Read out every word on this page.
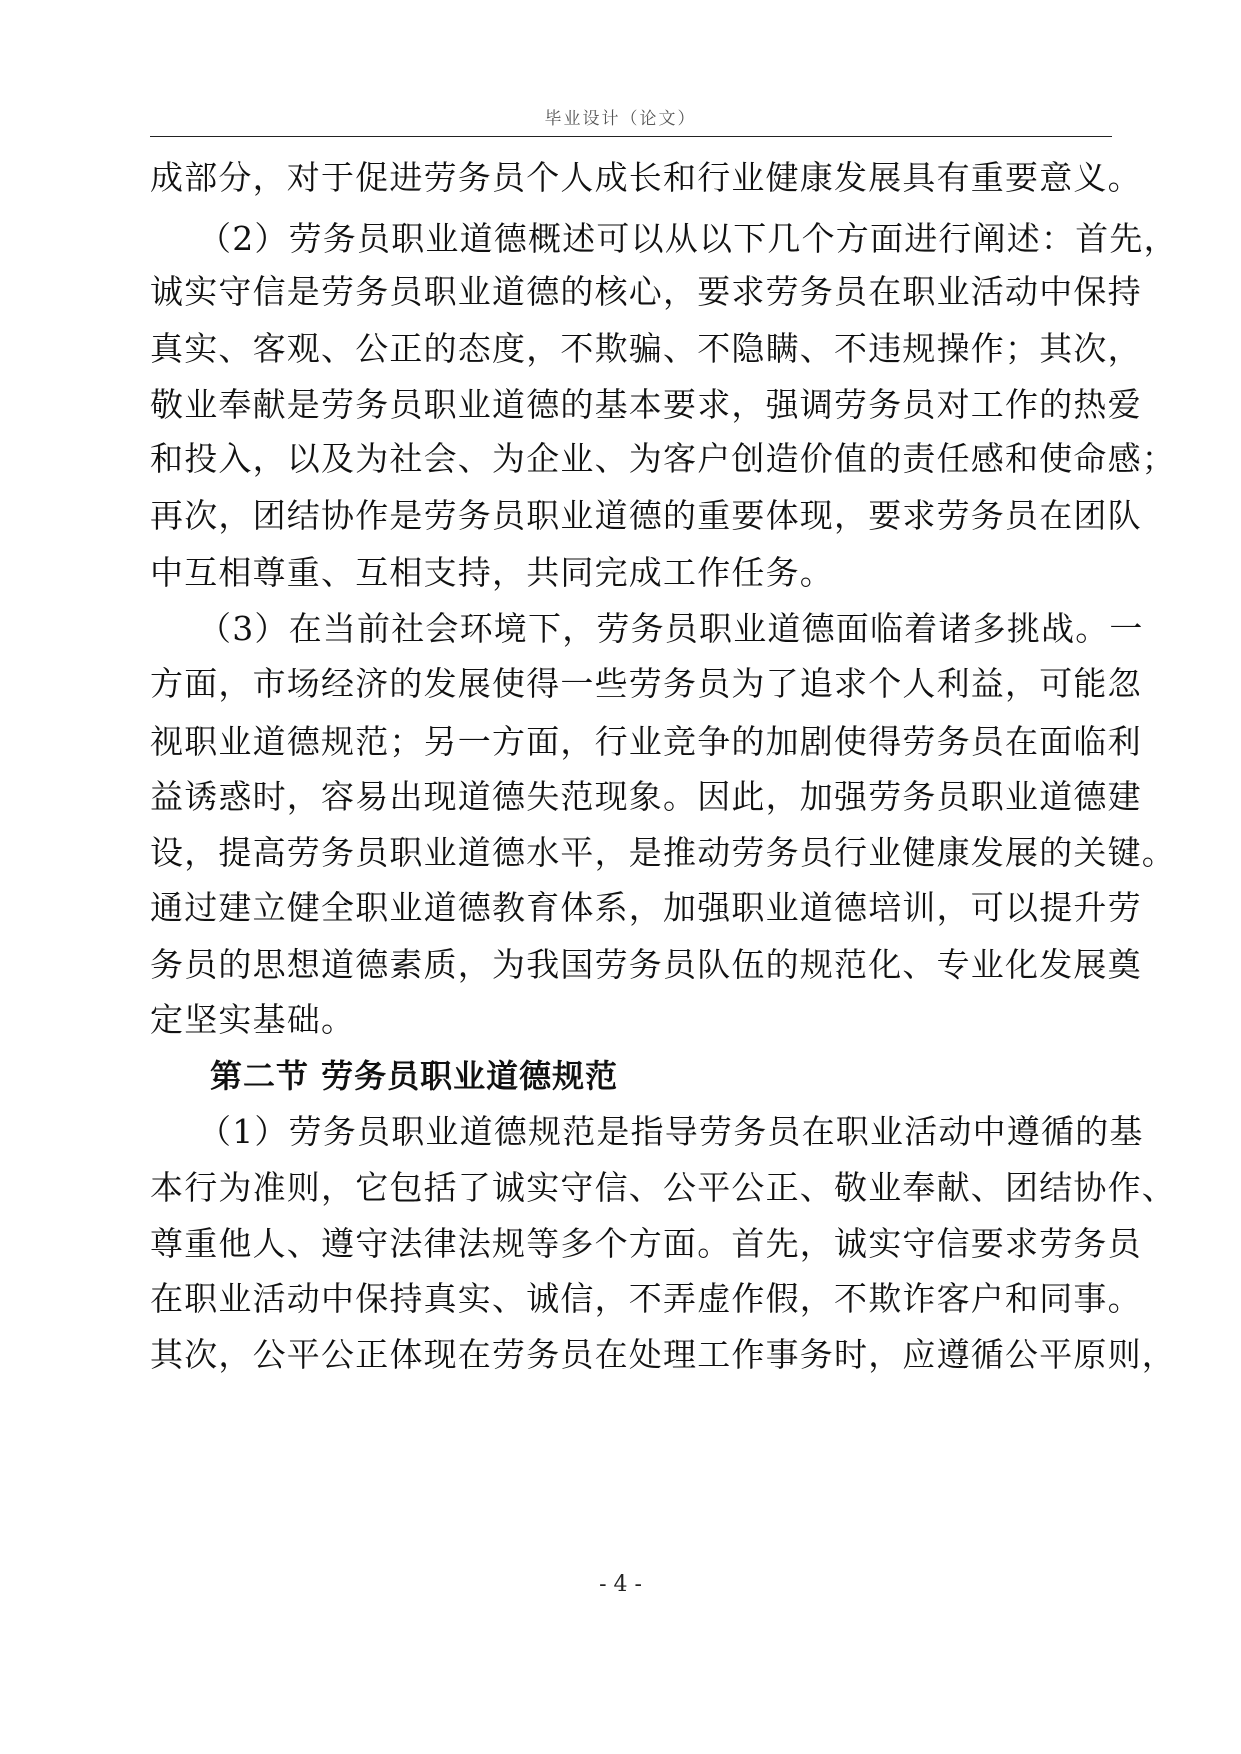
毕业设计（论文）
成部分，对于促进劳务员个人成长和行业健康发展具有重要意义。
（2）劳务员职业道德概述可以从以下几个方面进行阐述：首先，
诚实守信是劳务员职业道德的核心，要求劳务员在职业活动中保持
真实、客观、公正的态度，不欺骗、不隐瞒、不违规操作；其次，
敬业奉献是劳务员职业道德的基本要求，强调劳务员对工作的热爱
和投入，以及为社会、为企业、为客户创造价值的责任感和使命感；
再次，团结协作是劳务员职业道德的重要体现，要求劳务员在团队
中互相尊重、互相支持，共同完成工作任务。
（3）在当前社会环境下，劳务员职业道德面临着诸多挑战。一
方面，市场经济的发展使得一些劳务员为了追求个人利益，可能忽
视职业道德规范；另一方面，行业竞争的加剧使得劳务员在面临利
益诱惑时，容易出现道德失范现象。因此，加强劳务员职业道德建
设，提高劳务员职业道德水平，是推动劳务员行业健康发展的关键。
通过建立健全职业道德教育体系，加强职业道德培训，可以提升劳
务员的思想道德素质，为我国劳务员队伍的规范化、专业化发展奠
定坚实基础。
第二节 劳务员职业道德规范
（1）劳务员职业道德规范是指导劳务员在职业活动中遵循的基
本行为准则，它包括了诚实守信、公平公正、敬业奉献、团结协作、
尊重他人、遵守法律法规等多个方面。首先，诚实守信要求劳务员
在职业活动中保持真实、诚信，不弄虚作假，不欺诈客户和同事。
其次，公平公正体现在劳务员在处理工作事务时，应遵循公平原则，
- 4 -
